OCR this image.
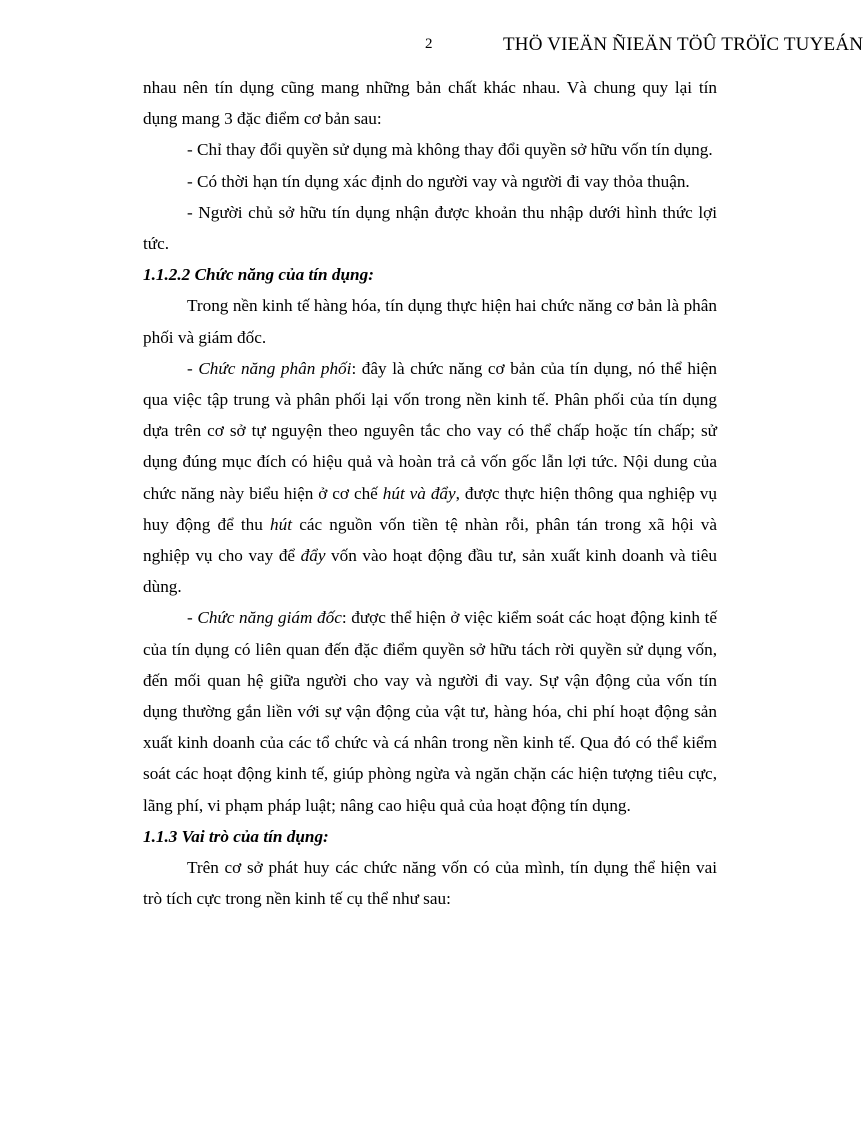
2	THÖ VIEÄN ÑIEÄN TÖÛ TRÖÏC TUYEÁN

nhau nên tín dụng cũng mang những bản chất khác nhau. Và chung quy lại tín dụng mang 3 đặc điểm cơ bản sau:

- Chỉ thay đổi quyền sử dụng mà không thay đổi quyền sở hữu vốn tín dụng.

- Có thời hạn tín dụng xác định do người vay và người đi vay thỏa thuận.

- Người chủ sở hữu tín dụng nhận được khoản thu nhập dưới hình thức lợi tức.

1.1.2.2 Chức năng của tín dụng:

Trong nền kinh tế hàng hóa, tín dụng thực hiện hai chức năng cơ bản là phân phối và giám đốc.

- Chức năng phân phối: đây là chức năng cơ bản của tín dụng, nó thể hiện qua việc tập trung và phân phối lại vốn trong nền kinh tế. Phân phối của tín dụng dựa trên cơ sở tự nguyện theo nguyên tắc cho vay có thể chấp hoặc tín chấp; sử dụng đúng mục đích có hiệu quả và hoàn trả cả vốn gốc lẫn lợi tức. Nội dung của chức năng này biểu hiện ở cơ chế hút và đẩy, được thực hiện thông qua nghiệp vụ huy động để thu hút các nguồn vốn tiền tệ nhàn rỗi, phân tán trong xã hội và nghiệp vụ cho vay để đẩy vốn vào hoạt động đầu tư, sản xuất kinh doanh và tiêu dùng.

- Chức năng giám đốc: được thể hiện ở việc kiểm soát các hoạt động kinh tế của tín dụng có liên quan đến đặc điểm quyền sở hữu tách rời quyền sử dụng vốn, đến mối quan hệ giữa người cho vay và người đi vay. Sự vận động của vốn tín dụng thường gắn liền với sự vận động của vật tư, hàng hóa, chi phí hoạt động sản xuất kinh doanh của các tổ chức và cá nhân trong nền kinh tế. Qua đó có thể kiểm soát các hoạt động kinh tế, giúp phòng ngừa và ngăn chặn các hiện tượng tiêu cực, lãng phí, vi phạm pháp luật; nâng cao hiệu quả của hoạt động tín dụng.

1.1.3 Vai trò của tín dụng:

Trên cơ sở phát huy các chức năng vốn có của mình, tín dụng thể hiện vai trò tích cực trong nền kinh tế cụ thể như sau:
